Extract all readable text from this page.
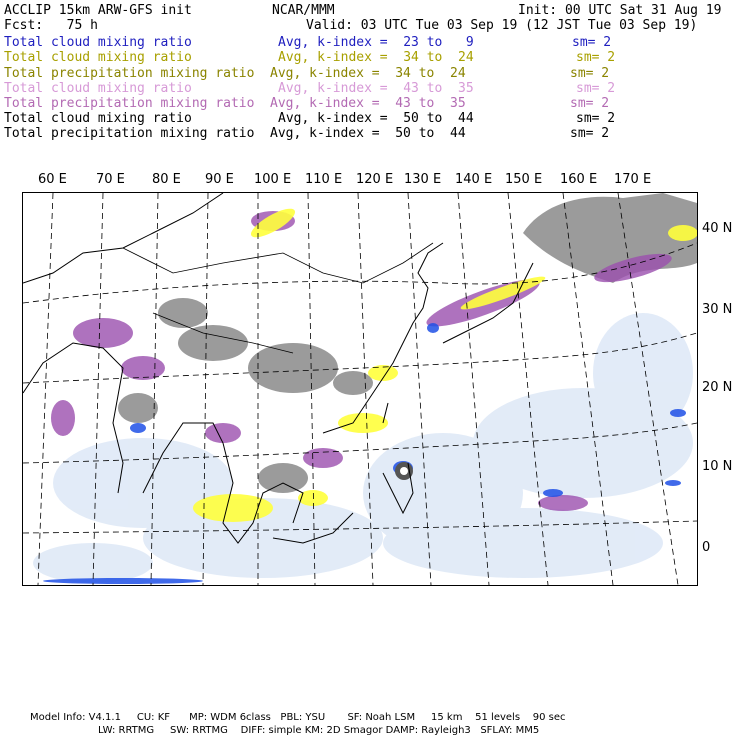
ACCLIP 15km ARW-GFS init	NCAR/MMM	Init: 00 UTC Sat 31 Aug 19
Fcst:   75 h	Valid: 03 UTC Tue 03 Sep 19 (12 JST Tue 03 Sep 19)
Total cloud mixing ratio	Avg, k-index =  23 to   9	sm= 2
Total cloud mixing ratio	Avg, k-index =  34 to  24	sm= 2
Total precipitation mixing ratio Avg, k-index =  34 to  24	sm= 2
Total cloud mixing ratio	Avg, k-index =  43 to  35	sm= 2
Total precipitation mixing ratio Avg, k-index =  43 to  35	sm= 2
Total cloud mixing ratio	Avg, k-index =  50 to  44	sm= 2
Total precipitation mixing ratio Avg, k-index =  50 to  44	sm= 2
60 E 70 E 80 E 90 E 100 E 110 E 120 E 130 E 140 E 150 E 160 E 170 E
40 N
30 N
20 N
10 N
0
Model Info: V4.1.1     CU: KF      MP: WDM 6class   PBL: YSU       SF: Noah LSM     15 km    51 levels    90 sec
LW: RRTMG     SW: RRTMG    DIFF: simple KM: 2D Smagor DAMP: Rayleigh3   SFLAY: MM5
